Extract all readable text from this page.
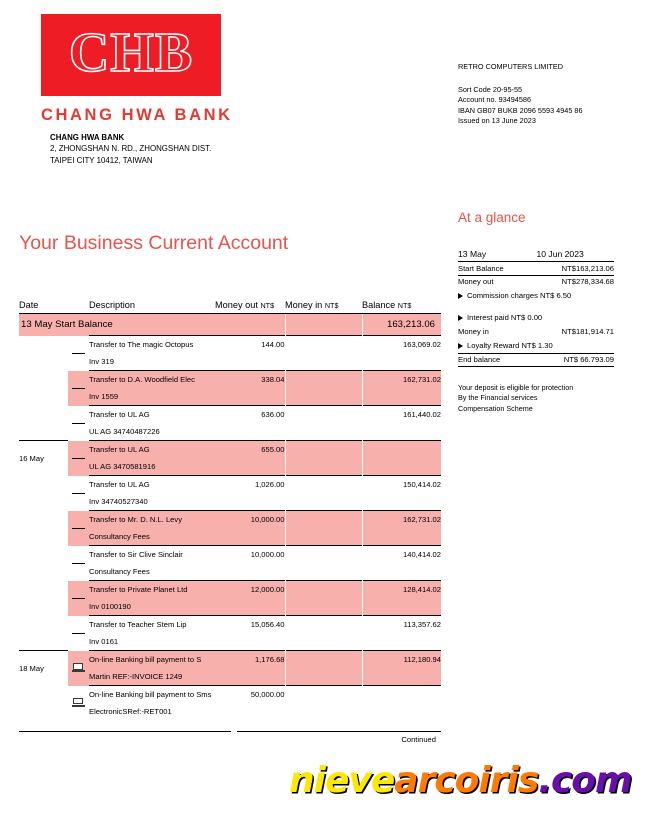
CHB
CHANG HWA BANK
CHANG HWA BANK
2, ZHONGSHAN N. RD., ZHONGSHAN DIST.
TAIPEI CITY 10412, TAIWAN
RETRO COMPUTERS LIMITED
Sort Code 20-95-55
Account no. 93494586
IBAN GB07 BUKB 2096 5593 4945 86
Issued on 13 June 2023
Your Business Current Account
Date		Description	Money out NT$	Money in NT$	Balance NT$
13 May Start Balance					163,213.06
		Transfer to The magic Octopus	144.00		163,069.02
		Inv 319			
		Transfer to D.A. Woodfield Elec	338.04		162,731.02
		Inv 1559			
		Transfer to UL AG	636.00		161,440.02
		UL AG 34740487226			
16 May		Transfer to UL AG	655.00		
		UL AG 3470581916			
		Transfer to UL AG	1,026.00		150,414.02
		Inv 34740527340			
		Transfer to Mr. D. N.L. Levy	10,000.00		162,731.02
		Consultancy Fees			
		Transfer to Sir Clive Sinclair	10,000.00		140,414.02
		Consultancy Fees			
		Transfer to Private Planet Ltd	12,000.00		128,414.02
		Inv 0100190			
		Transfer to Teacher Stem Lip	15,056.40		113,357.62
		Inv 0161			
18 May		On-line Banking bill payment to S	1,176.68		112,180.94
		Martin REF:-INVOICE 1249			

	On-line Banking bill payment to Sms	50,000.00		
		ElectronicSRef:-RET001			
Continued
At a glance
13 May	10 Jun 2023
Start Balance	NT$163,213.06
Money out	NT$278,334.68
Commission charges NT$ 6.50	

Interest paid NT$ 0.00	
Money in	NT$181,914.71
Loyalty Reward NT$ 1.30	
End balance	NT$ 66.793.09
Your deposit is eligible for protection
By the Financial services
Compensation Scheme
nievearcoiris.com
